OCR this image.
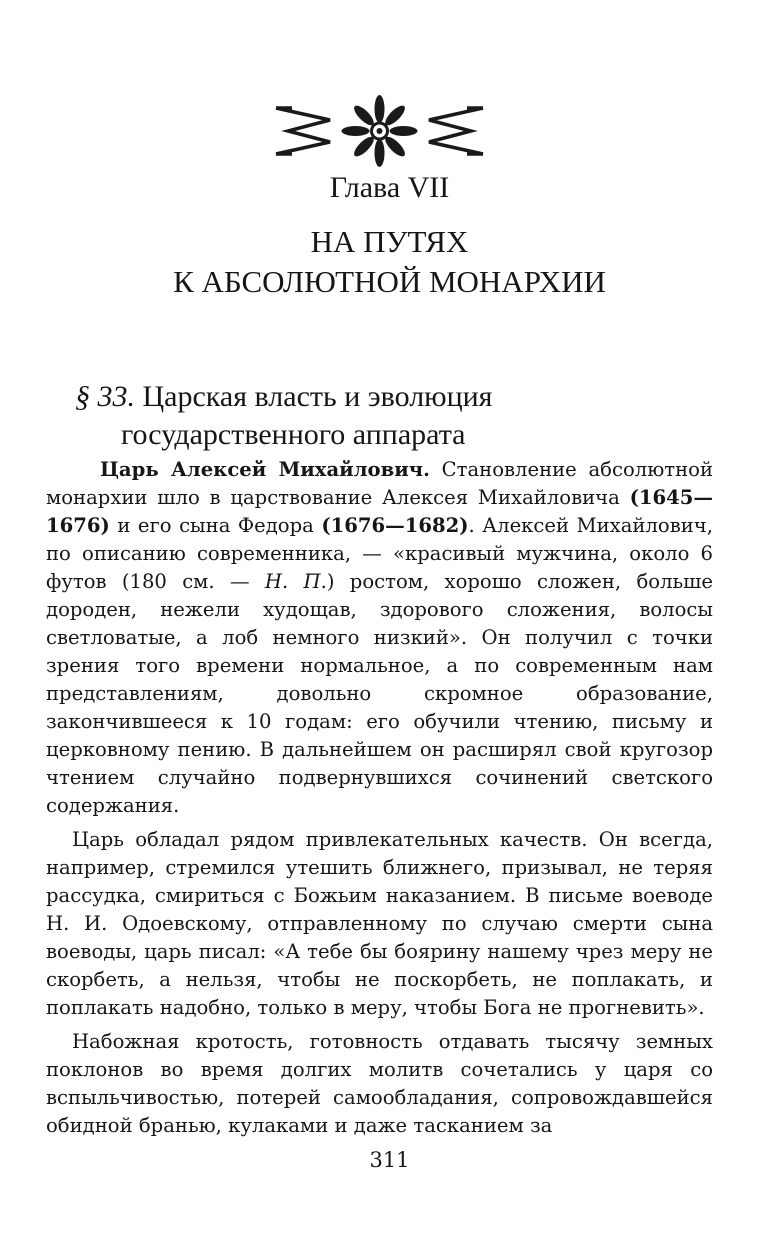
Глава VII
НА ПУТЯХ
К АБСОЛЮТНОЙ МОНАРХИИ
§ 33. Царская власть и эволюция
государственного аппарата

Царь Алексей Михайлович. Становление абсолютной монархии шло в царствование Алексея Михайловича (1645—1676) и его сына Федора (1676—1682). Алексей Михайлович, по описанию современника, — «красивый мужчина, около 6 футов (180 см. — Н. П.) ростом, хорошо сложен, больше дороден, нежели худощав, здорового сложения, волосы светловатые, а лоб немного низкий». Он получил с точки зрения того времени нормальное, а по современным нам представлениям, довольно скромное образование, закончившееся к 10 годам: его обучили чтению, письму и церковному пению. В дальнейшем он расширял свой кругозор чтением случайно подвернувшихся сочинений светского содержания.

Царь обладал рядом привлекательных качеств. Он всегда, например, стремился утешить ближнего, призывал, не теряя рассудка, смириться с Божьим наказанием. В письме воеводе Н. И. Одоевскому, отправленному по случаю смерти сына воеводы, царь писал: «А тебе бы боярину нашему чрез меру не скорбеть, а нельзя, чтобы не поскорбеть, не поплакать, и поплакать надобно, только в меру, чтобы Бога не прогневить».

Набожная кротость, готовность отдавать тысячу земных поклонов во время долгих молитв сочетались у царя со вспыльчивостью, потерей самообладания, сопровождавшейся обидной бранью, кулаками и даже тасканием за

311
